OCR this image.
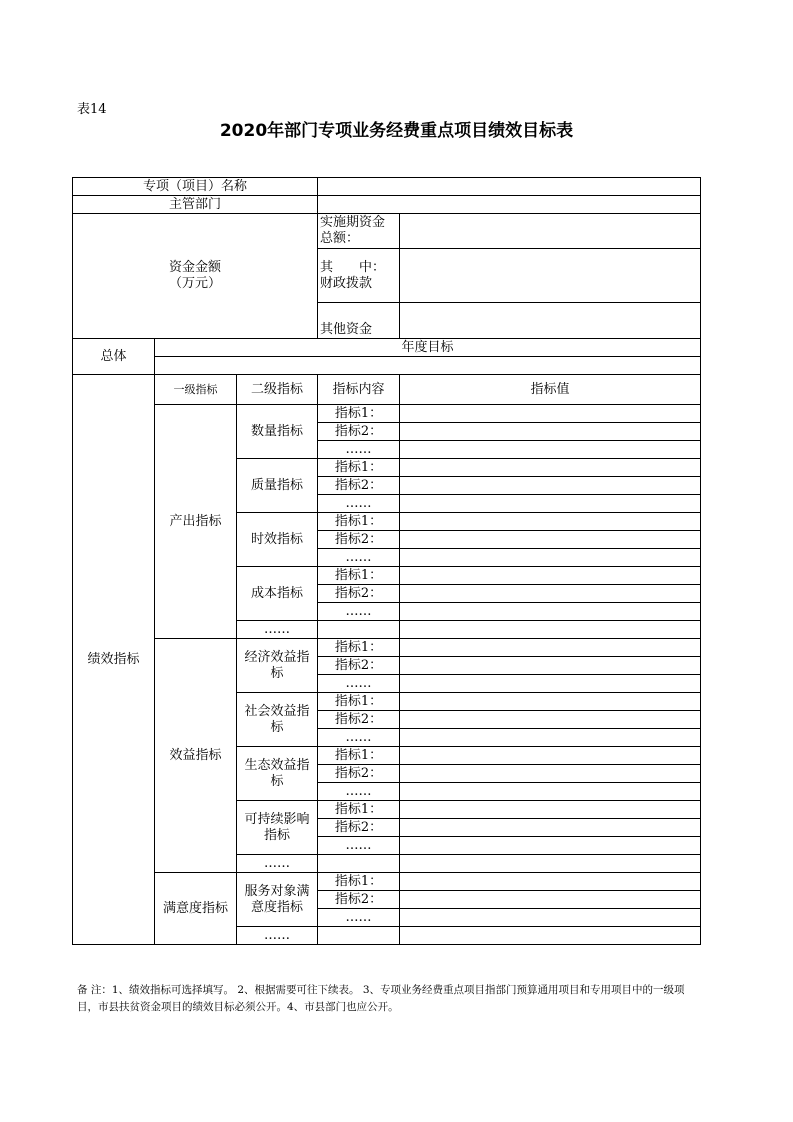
表14
2020年部门专项业务经费重点项目绩效目标表
专项（项目）名称				
主管部门				

资金金额
（万元）			实施期资金总额：	
			其　　中：财政拨款	
			其他资金	
总体	年度目标			

绩效指标	一级指标	二级指标	指标内容	指标值
	产出指标	数量指标	指标1：	
			指标2：	
			……	
		质量指标	指标1：	
			指标2：	
			……	
		时效指标	指标1：	
			指标2：	
			……	
		成本指标	指标1：	
			指标2：	
			……	
		……		
	效益指标	经济效益指标	指标1：	
			指标2：	
			……	
		社会效益指标	指标1：	
			指标2：	
			……	
		生态效益指标	指标1：	
			指标2：	
			……	
		可持续影响指标	指标1：	
			指标2：	
			……	
		……		
	满意度指标	服务对象满意度指标	指标1：	
			指标2：	
			……	
		……		
备 注：1、绩效指标可选择填写。 2、根据需要可往下续表。 3、专项业务经费重点项目指部门预算通用项目和专用项目中的一级项目，市县扶贫资金项目的绩效目标必须公开。4、市县部门也应公开。
